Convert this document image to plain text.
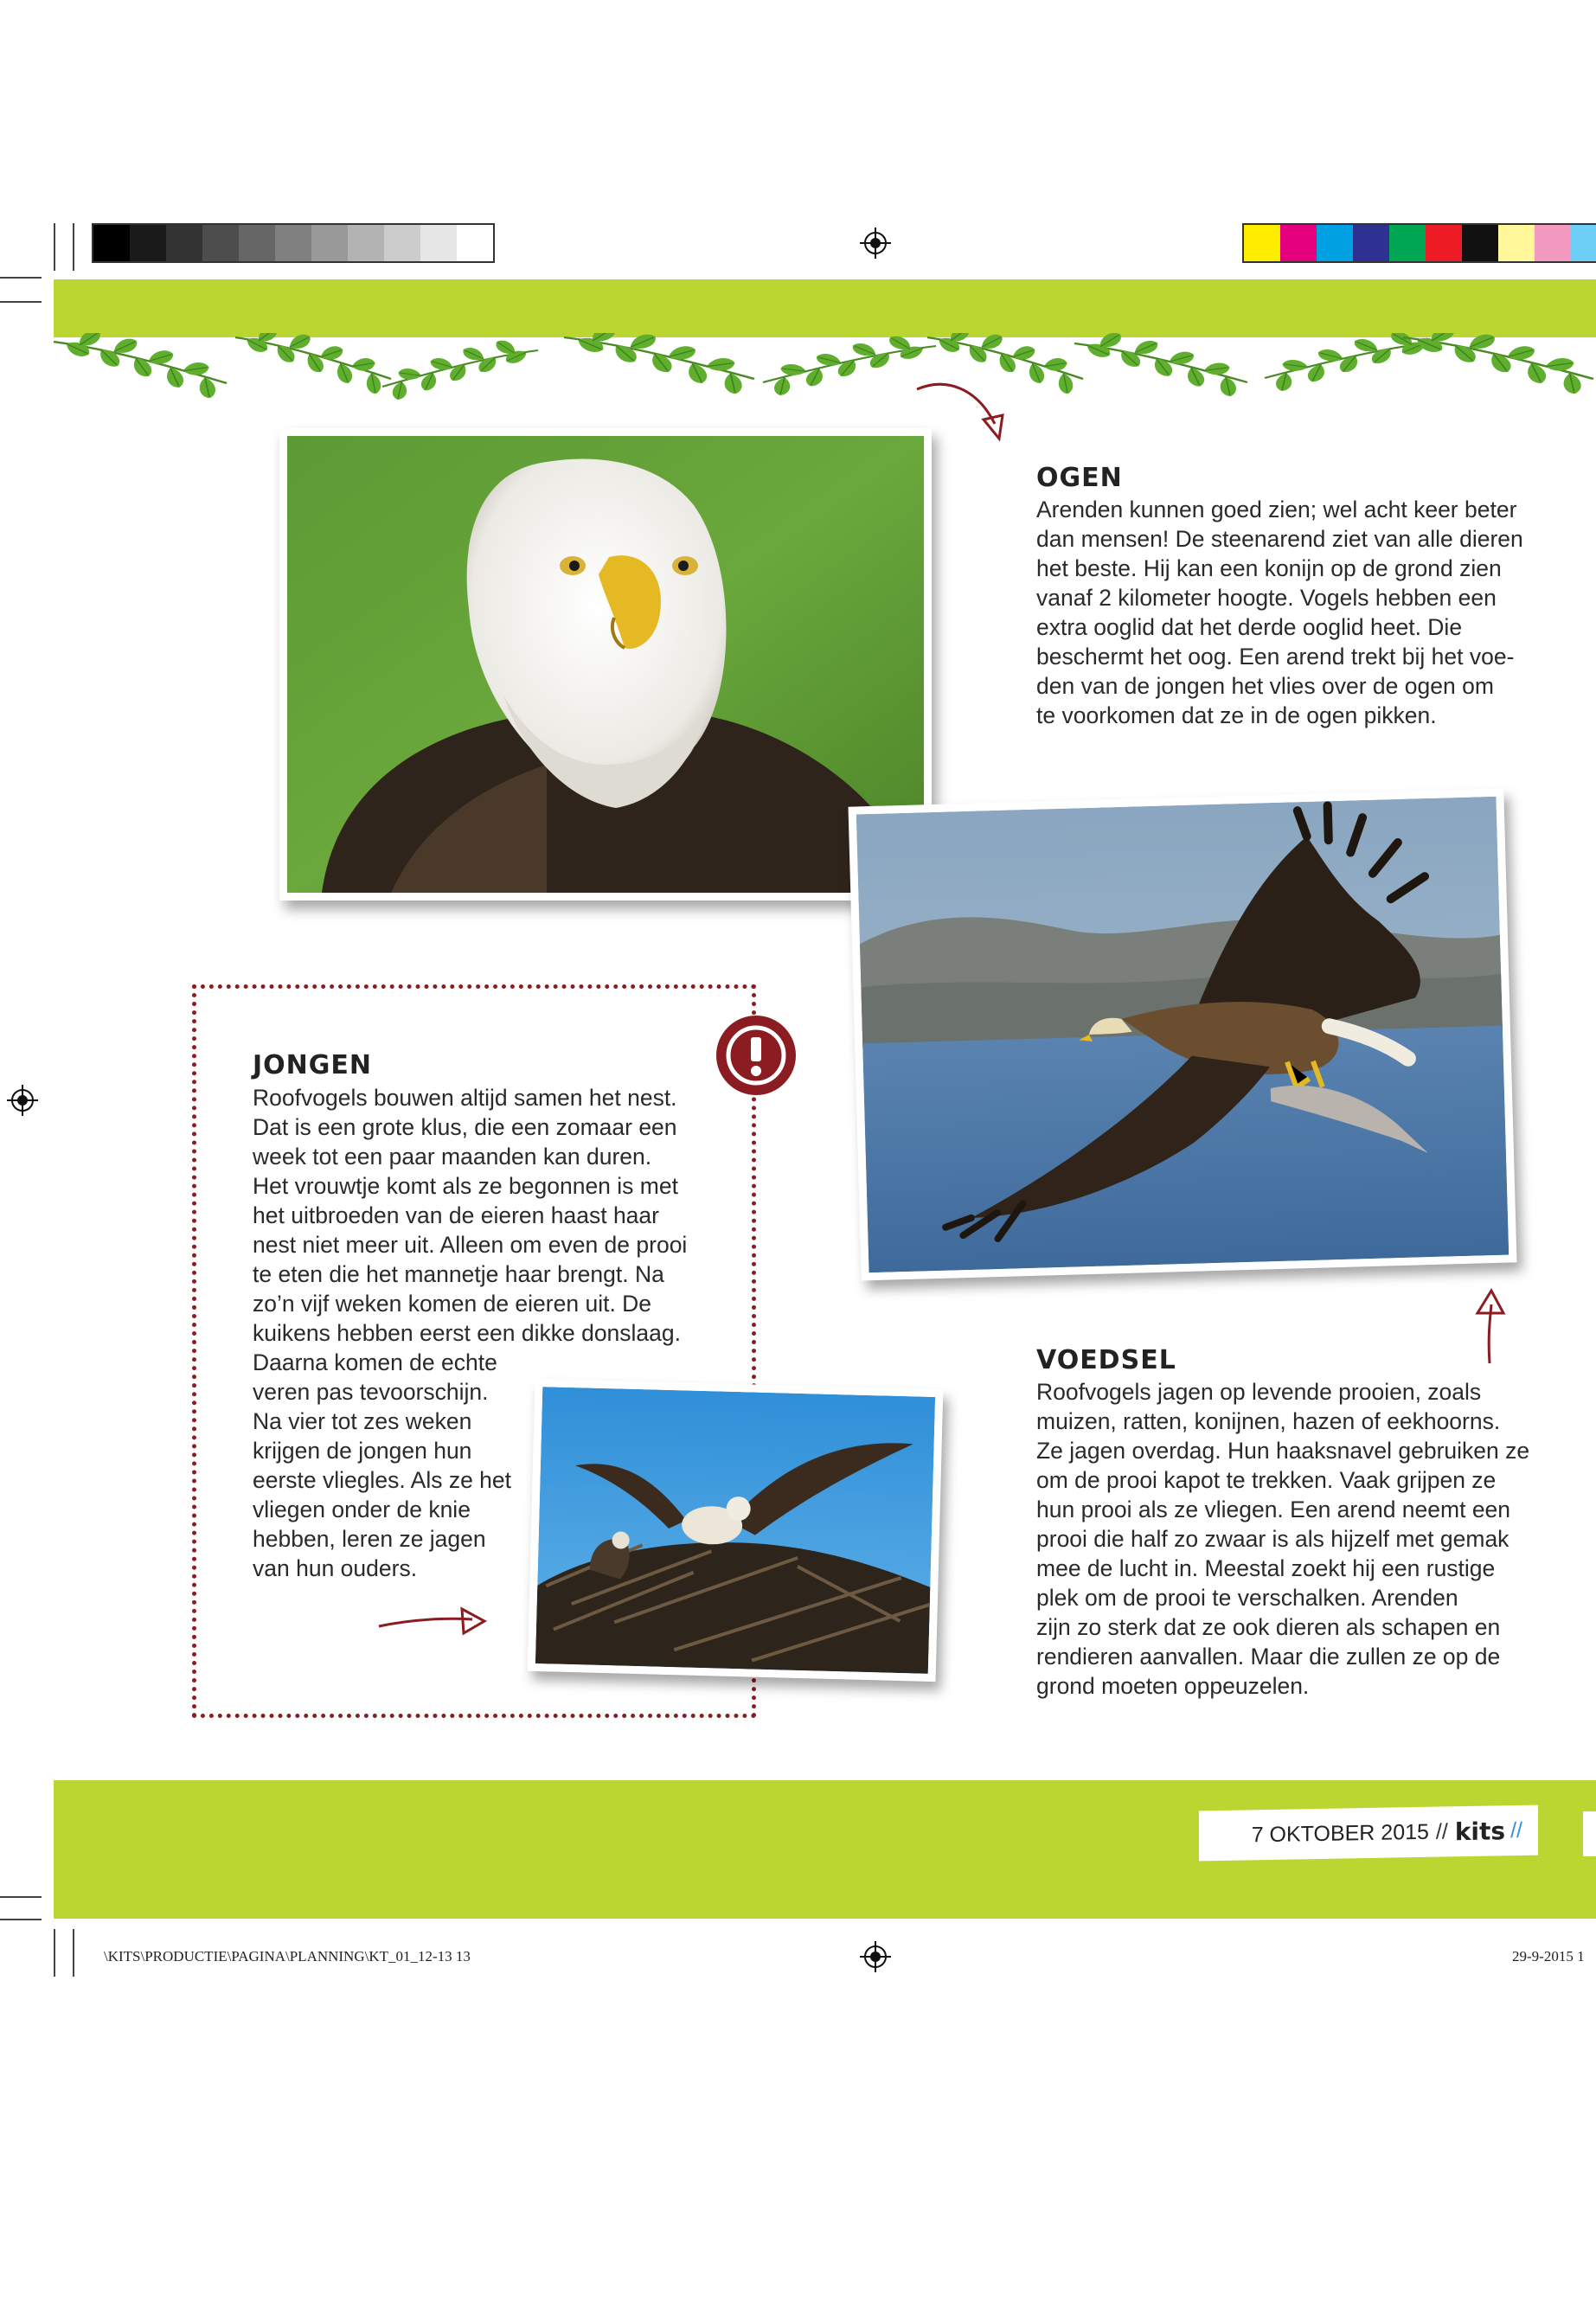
OGEN

Arenden kunnen goed zien; wel acht keer beter
dan mensen! De steenarend ziet van alle dieren
het beste. Hij kan een konijn op de grond zien
vanaf 2 kilometer hoogte. Vogels hebben een
extra ooglid dat het derde ooglid heet. Die
beschermt het oog. Een arend trekt bij het voe-
den van de jongen het vlies over de ogen om
te voorkomen dat ze in de ogen pikken.

JONGEN

Roofvogels bouwen altijd samen het nest.
Dat is een grote klus, die een zomaar een
week tot een paar maanden kan duren.
Het vrouwtje komt als ze begonnen is met
het uitbroeden van de eieren haast haar
nest niet meer uit. Alleen om even de prooi
te eten die het mannetje haar brengt. Na
zo’n vijf weken komen de eieren uit. De
kuikens hebben eerst een dikke donslaag.

Daarna komen de echte
veren pas tevoorschijn.
Na vier tot zes weken
krijgen de jongen hun
eerste vliegles. Als ze het
vliegen onder de knie
hebben, leren ze jagen
van hun ouders.

VOEDSEL

Roofvogels jagen op levende prooien, zoals
muizen, ratten, konijnen, hazen of eekhoorns.
Ze jagen overdag. Hun haaksnavel gebruiken ze
om de prooi kapot te trekken. Vaak grijpen ze
hun prooi als ze vliegen. Een arend neemt een
prooi die half zo zwaar is als hijzelf met gemak
mee de lucht in. Meestal zoekt hij een rustige
plek om de prooi te verschalken. Arenden
zijn zo sterk dat ze ook dieren als schapen en
rendieren aanvallen. Maar die zullen ze op de
grond moeten oppeuzelen.

7 OKTOBER 2015 // kits //
\KITS\PRODUCTIE\PAGINA\PLANNING\KT_01_12-13 13	29-9-2015 1
